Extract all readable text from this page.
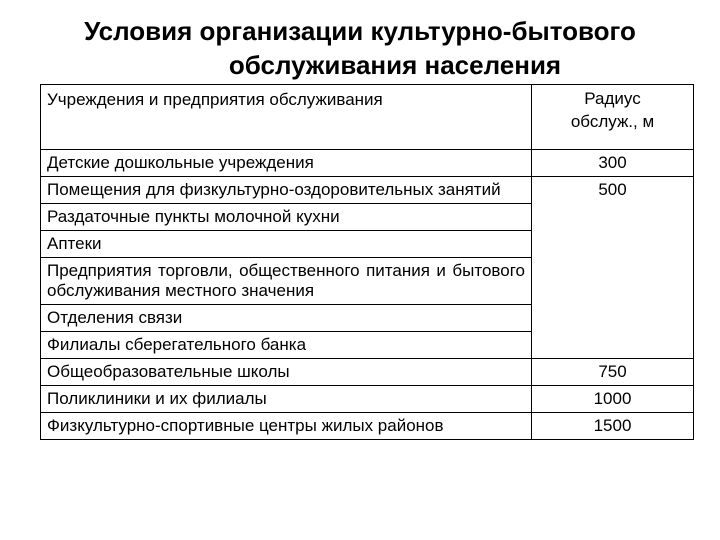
Условия организации культурно-бытового
обслуживания населения
Учреждения и предприятия обслуживания	Радиус
обслуж., м
Детские дошкольные учреждения	300
Помещения для физкультурно-оздоровительных занятий	500
Раздаточные пункты молочной кухни	
Аптеки	
Предприятия торговли, общественного питания и бытового обслуживания местного значения	
Отделения связи	
Филиалы сберегательного банка	
Общеобразовательные школы	750
Поликлиники и их филиалы	1000
Физкультурно-спортивные центры жилых районов	1500
